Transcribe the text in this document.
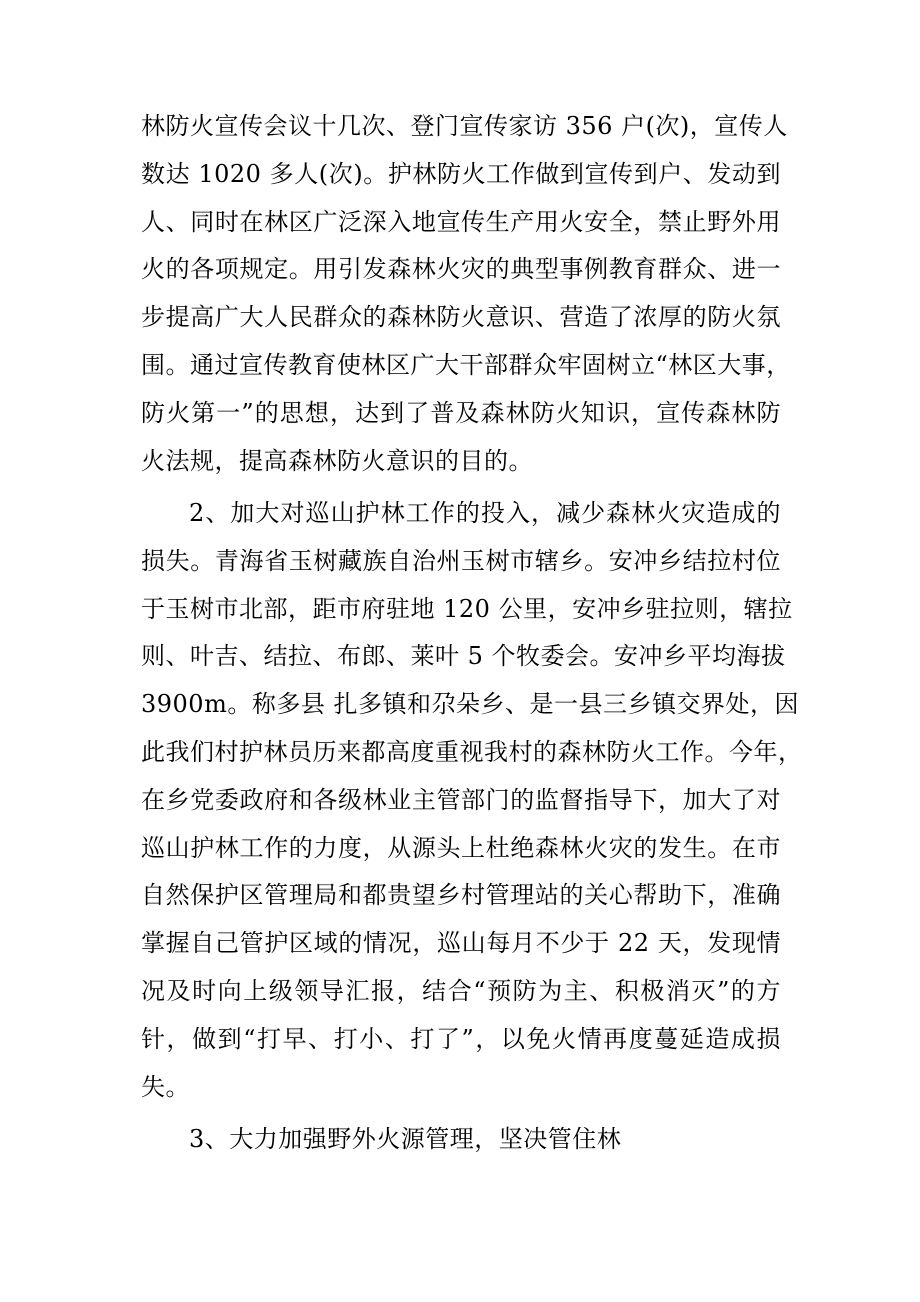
林防火宣传会议十几次、登门宣传家访 356 户(次)，宣传人
数达 1020 多人(次)。护林防火工作做到宣传到户、发动到
人、同时在林区广泛深入地宣传生产用火安全，禁止野外用
火的各项规定。用引发森林火灾的典型事例教育群众、进一
步提高广大人民群众的森林防火意识、营造了浓厚的防火氛
围。通过宣传教育使林区广大干部群众牢固树立“林区大事，
防火第一”的思想，达到了普及森林防火知识，宣传森林防
火法规，提高森林防火意识的目的。
2、加大对巡山护林工作的投入，减少森林火灾造成的
损失。青海省玉树藏族自治州玉树市辖乡。安冲乡结拉村位
于玉树市北部，距市府驻地 120 公里，安冲乡驻拉则，辖拉
则、叶吉、结拉、布郎、莱叶 5 个牧委会。安冲乡平均海拔
3900m。称多县 扎多镇和尕朵乡、是一县三乡镇交界处，因
此我们村护林员历来都高度重视我村的森林防火工作。今年，
在乡党委政府和各级林业主管部门的监督指导下，加大了对
巡山护林工作的力度，从源头上杜绝森林火灾的发生。在市
自然保护区管理局和都贵望乡村管理站的关心帮助下，准确
掌握自己管护区域的情况，巡山每月不少于 22 天，发现情
况及时向上级领导汇报，结合“预防为主、积极消灭”的方
针，做到“打早、打小、打了”，以免火情再度蔓延造成损
失。
3、大力加强野外火源管理，坚决管住林
